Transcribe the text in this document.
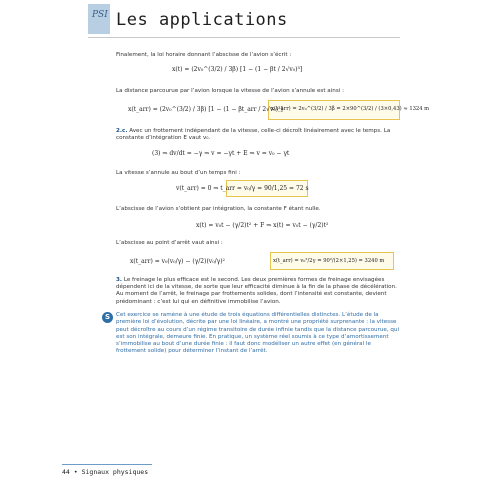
PSI Les applications
Finalement, la loi horaire donnant l’abscisse de l’avion s’écrit :
x(t) = (2v₀^(3/2) / 3β) [1 − (1 − βt / 2√v₀)³]
La distance parcourue par l’avion lorsque la vitesse de l’avion s’annule est ainsi :
x(t_arr) = (2v₀^(3/2) / 3β) [1 − (1 − βt_arr / 2√v₀)³]
x(t_arr) = 2v₀^(3/2) / 3β = 2×90^(3/2) / (3×0,43) ≈ 1324 m
2.c. Avec un frottement indépendant de la vitesse, celle-ci décroît linéairement avec le temps. La constante d’intégration E vaut v₀.
(3) ⇒ dv/dt = −γ ⇒ v = −γt + E ⇒ v = v₀ − γt
La vitesse s’annule au bout d’un temps fini :
v(t_arr) = 0 ⇒ t_arr = v₀/γ = 90/1,25 = 72 s
L’abscisse de l’avion s’obtient par intégration, la constante F étant nulle.
x(t) = v₀t − (γ/2)t² + F ⇒ x(t) = v₀t − (γ/2)t²
L’abscisse au point d’arrêt vaut ainsi :
x(t_arr) = v₀(v₀/γ) − (γ/2)(v₀/γ)²	x(t_arr) = v₀²/2γ = 90²/(2×1,25) = 3240 m
3. Le freinage le plus efficace est le second. Les deux premières formes de freinage envisagées dépendent ici de la vitesse, de sorte que leur efficacité diminue à la fin de la phase de décélération. Au moment de l’arrêt, le freinage par frottements solides, dont l’intensité est constante, devient prédominant : c’est lui qui en définitive immobilise l’avion.
S	Cet exercice se ramène à une étude de trois équations différentielles distinctes. L’étude de la première loi d’évolution, décrite par une loi linéaire, a montré une propriété surprenante : la vitesse peut décroître au cours d’un régime transitoire de durée infinie tandis que la distance parcourue, qui est son intégrale, demeure finie. En pratique, un système réel soumis à ce type d’amortissement s’immobilise au bout d’une durée finie : il faut donc modéliser un autre effet (en général le frottement solide) pour déterminer l’instant de l’arrêt.
44 • Signaux physiques
